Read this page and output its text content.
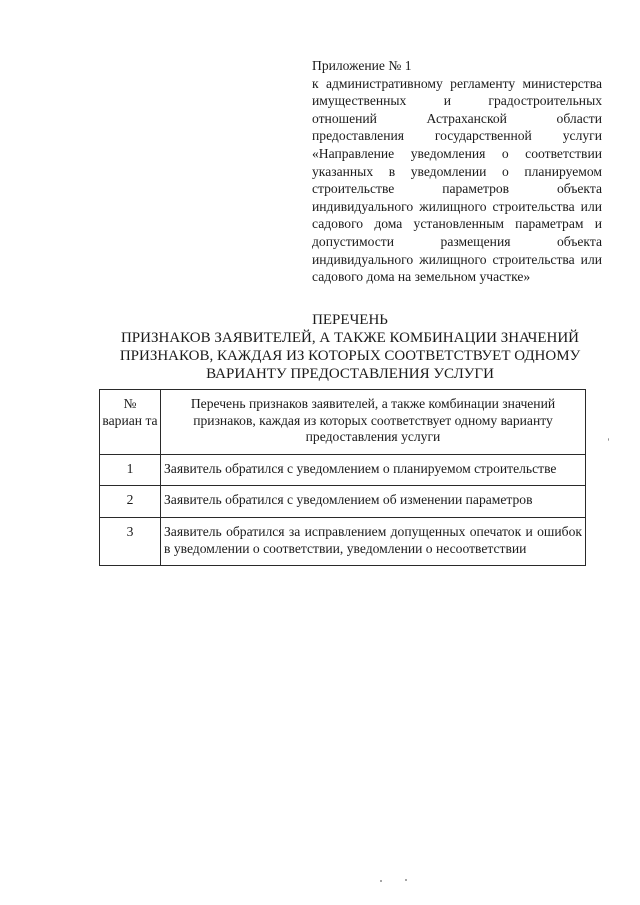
Приложение № 1
к административному регламенту министерства имущественных и градостроительных отношений Астраханской области предоставления государственной услуги «Направление уведомления о соответствии указанных в уведомлении о планируемом строительстве параметров объекта индивидуального жилищного строительства или садового дома установленным параметрам и допустимости размещения объекта индивидуального жилищного строительства или садового дома на земельном участке»
ПЕРЕЧЕНЬ
ПРИЗНАКОВ ЗАЯВИТЕЛЕЙ, А ТАКЖЕ КОМБИНАЦИИ ЗНАЧЕНИЙ ПРИЗНАКОВ, КАЖДАЯ ИЗ КОТОРЫХ СООТВЕТСТВУЕТ ОДНОМУ ВАРИАНТУ ПРЕДОСТАВЛЕНИЯ УСЛУГИ
№ вариан та	Перечень признаков заявителей, а также комбинации значений признаков, каждая из которых соответствует одному варианту предоставления услуги
1	Заявитель обратился с уведомлением о планируемом строительстве
2	Заявитель обратился с уведомлением об изменении параметров
3	Заявитель обратился за исправлением допущенных опечаток и ошибок в уведомлении о соответствии, уведомлении о несоответствии
